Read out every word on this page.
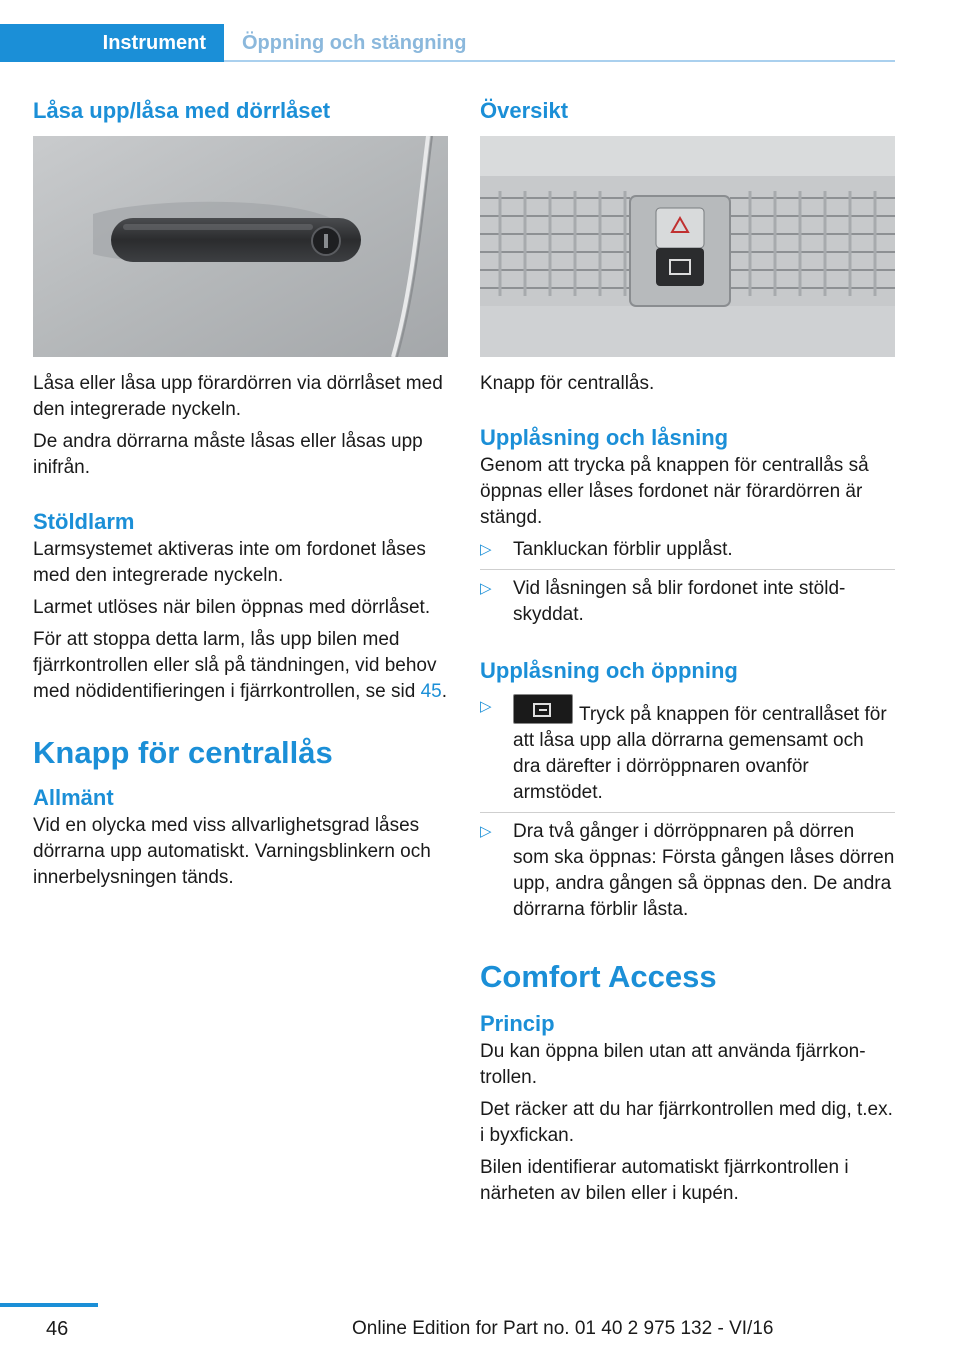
Instrument	Öppning och stängning
Låsa upp/låsa med dörrlåset

Låsa eller låsa upp förardörren via dörrlåset med den integrerade nyckeln.

De andra dörrarna måste låsas eller låsas upp inifrån.

Stöldlarm

Larmsystemet aktiveras inte om fordonet låses med den integrerade nyckeln.

Larmet utlöses när bilen öppnas med dörrlåset.

För att stoppa detta larm, lås upp bilen med fjärrkontrollen eller slå på tändningen, vid behov med nödidentifieringen i fjärrkontrollen, se sid 45.

Knapp för centrallås
Allmänt

Vid en olycka med viss allvarlighetsgrad låses dörrarna upp automatiskt. Varningsblinkern och innerbelysningen tänds.

Översikt

Knapp för centrallås.

Upplåsning och låsning

Genom att trycka på knappen för centrallås så öppnas eller låses fordonet när förardörren är stängd.

▷ Tankluckan förblir upplåst.
▷ Vid låsningen så blir fordonet inte stöldskyddat.
Upplåsning och öppning
▷	Tryck på knappen för centrallåset för att låsa upp alla dörrarna gemensamt och dra därefter i dörröppnaren ovanför armstödet.
▷ Dra två gånger i dörröppnaren på dörren som ska öppnas: Första gången låses dörren upp, andra gången så öppnas den. De andra dörrarna förblir låsta.
Comfort Access
Princip

Du kan öppna bilen utan att använda fjärrkontrollen.

Det räcker att du har fjärrkontrollen med dig, t.ex. i byxfickan.

Bilen identifierar automatiskt fjärrkontrollen i närheten av bilen eller i kupén.

46	Online Edition for Part no. 01 40 2 975 132 - VI/16
